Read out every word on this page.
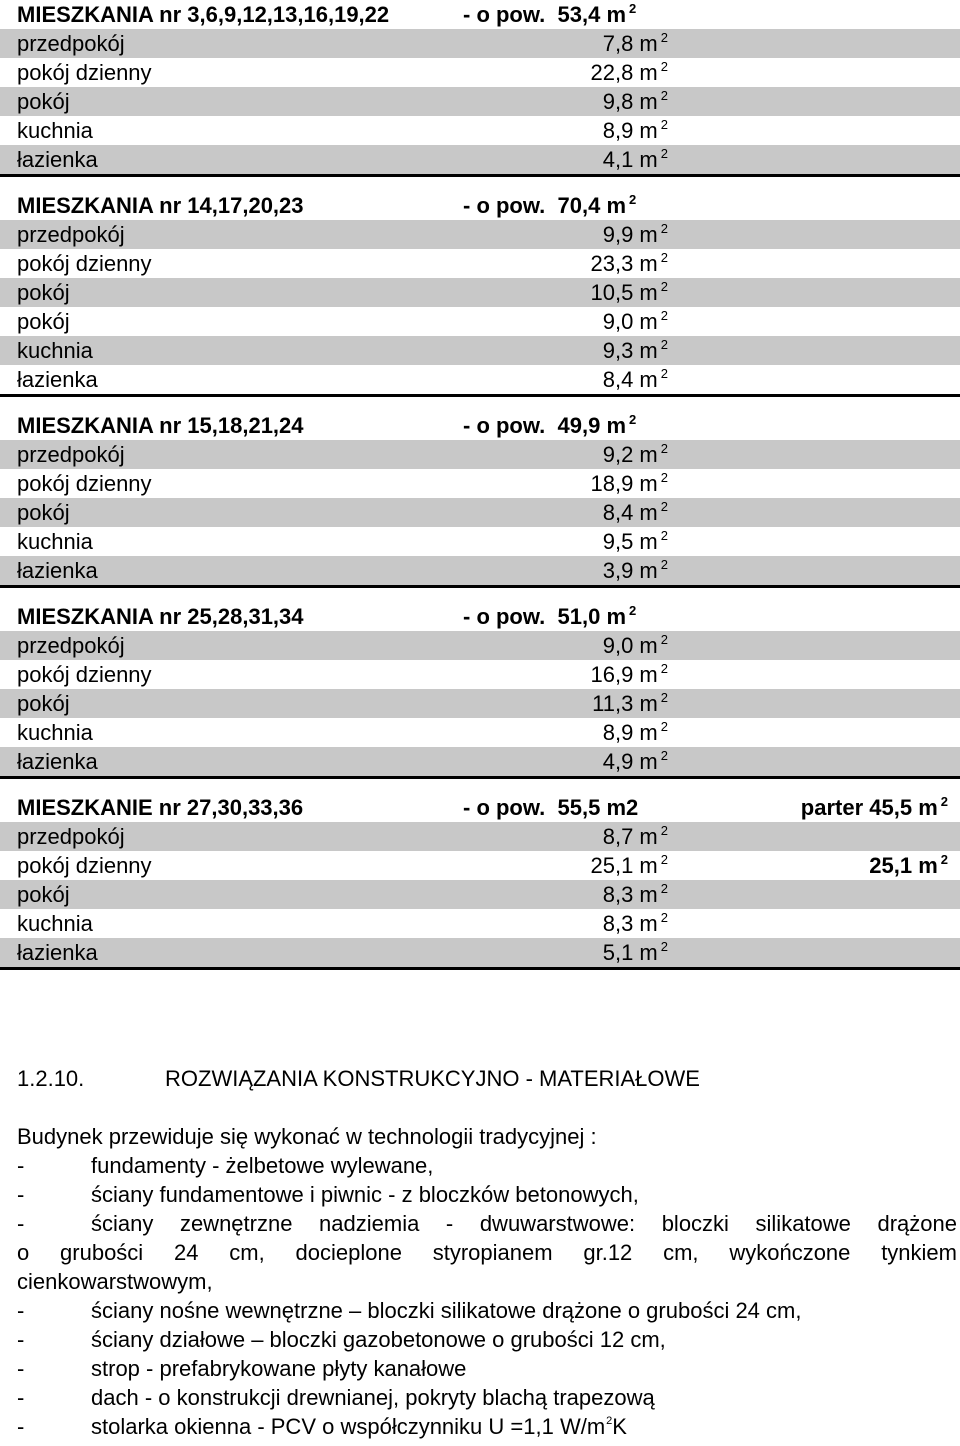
MIESZKANIA nr 3,6,9,12,13,16,19,22	- o pow. 53,4 m $^2$
przedpokój	7,8 m $^2$
pokój dzienny	22,8 m $^2$
pokój	9,8 m $^2$
kuchnia	8,9 m $^2$
łazienka	4,1 m $^2$
MIESZKANIA nr 14,17,20,23	- o pow. 70,4 m $^2$
przedpokój	9,9 m $^2$
pokój dzienny	23,3 m $^2$
pokój	10,5 m $^2$
pokój	9,0 m $^2$
kuchnia	9,3 m $^2$
łazienka	8,4 m $^2$
MIESZKANIA nr 15,18,21,24	- o pow. 49,9 m $^2$
przedpokój	9,2 m $^2$
pokój dzienny	18,9 m $^2$
pokój	8,4 m $^2$
kuchnia	9,5 m $^2$
łazienka	3,9 m $^2$
MIESZKANIA nr 25,28,31,34	- o pow. 51,0 m $^2$
przedpokój	9,0 m $^2$
pokój dzienny	16,9 m $^2$
pokój	11,3 m $^2$
kuchnia	8,9 m $^2$
łazienka	4,9 m $^2$
MIESZKANIE nr 27,30,33,36	- o pow. 55,5 m2	parter 45,5 m $^2$
przedpokój	8,7 m $^2$
pokój dzienny	25,1 m $^2$	25,1 m $^2$
pokój	8,3 m $^2$
kuchnia	8,3 m $^2$
łazienka	5,1 m $^2$
1.2.10.	ROZWIĄZANIA KONSTRUKCYJNO - MATERIAŁOWE

Budynek przewiduje się wykonać w technologii tradycyjnej :

-	fundamenty - żelbetowe wylewane,
-	ściany fundamentowe i piwnic - z bloczków betonowych,
-	ściany zewnętrzne nadziemia - dwuwarstwowe: bloczki silikatowe drążone

o grubości 24 cm, docieplone styropianem gr.12 cm, wykończone tynkiem

cienkowarstwowym,

-	ściany nośne wewnętrzne – bloczki silikatowe drążone o grubości 24 cm,
-	ściany działowe – bloczki gazobetonowe o grubości 12 cm,
-	strop - prefabrykowane płyty kanałowe
-	dach - o konstrukcji drewnianej, pokryty blachą trapezową
-	stolarka okienna - PCV o współczynniku U =1,1 $W/m^2K$
